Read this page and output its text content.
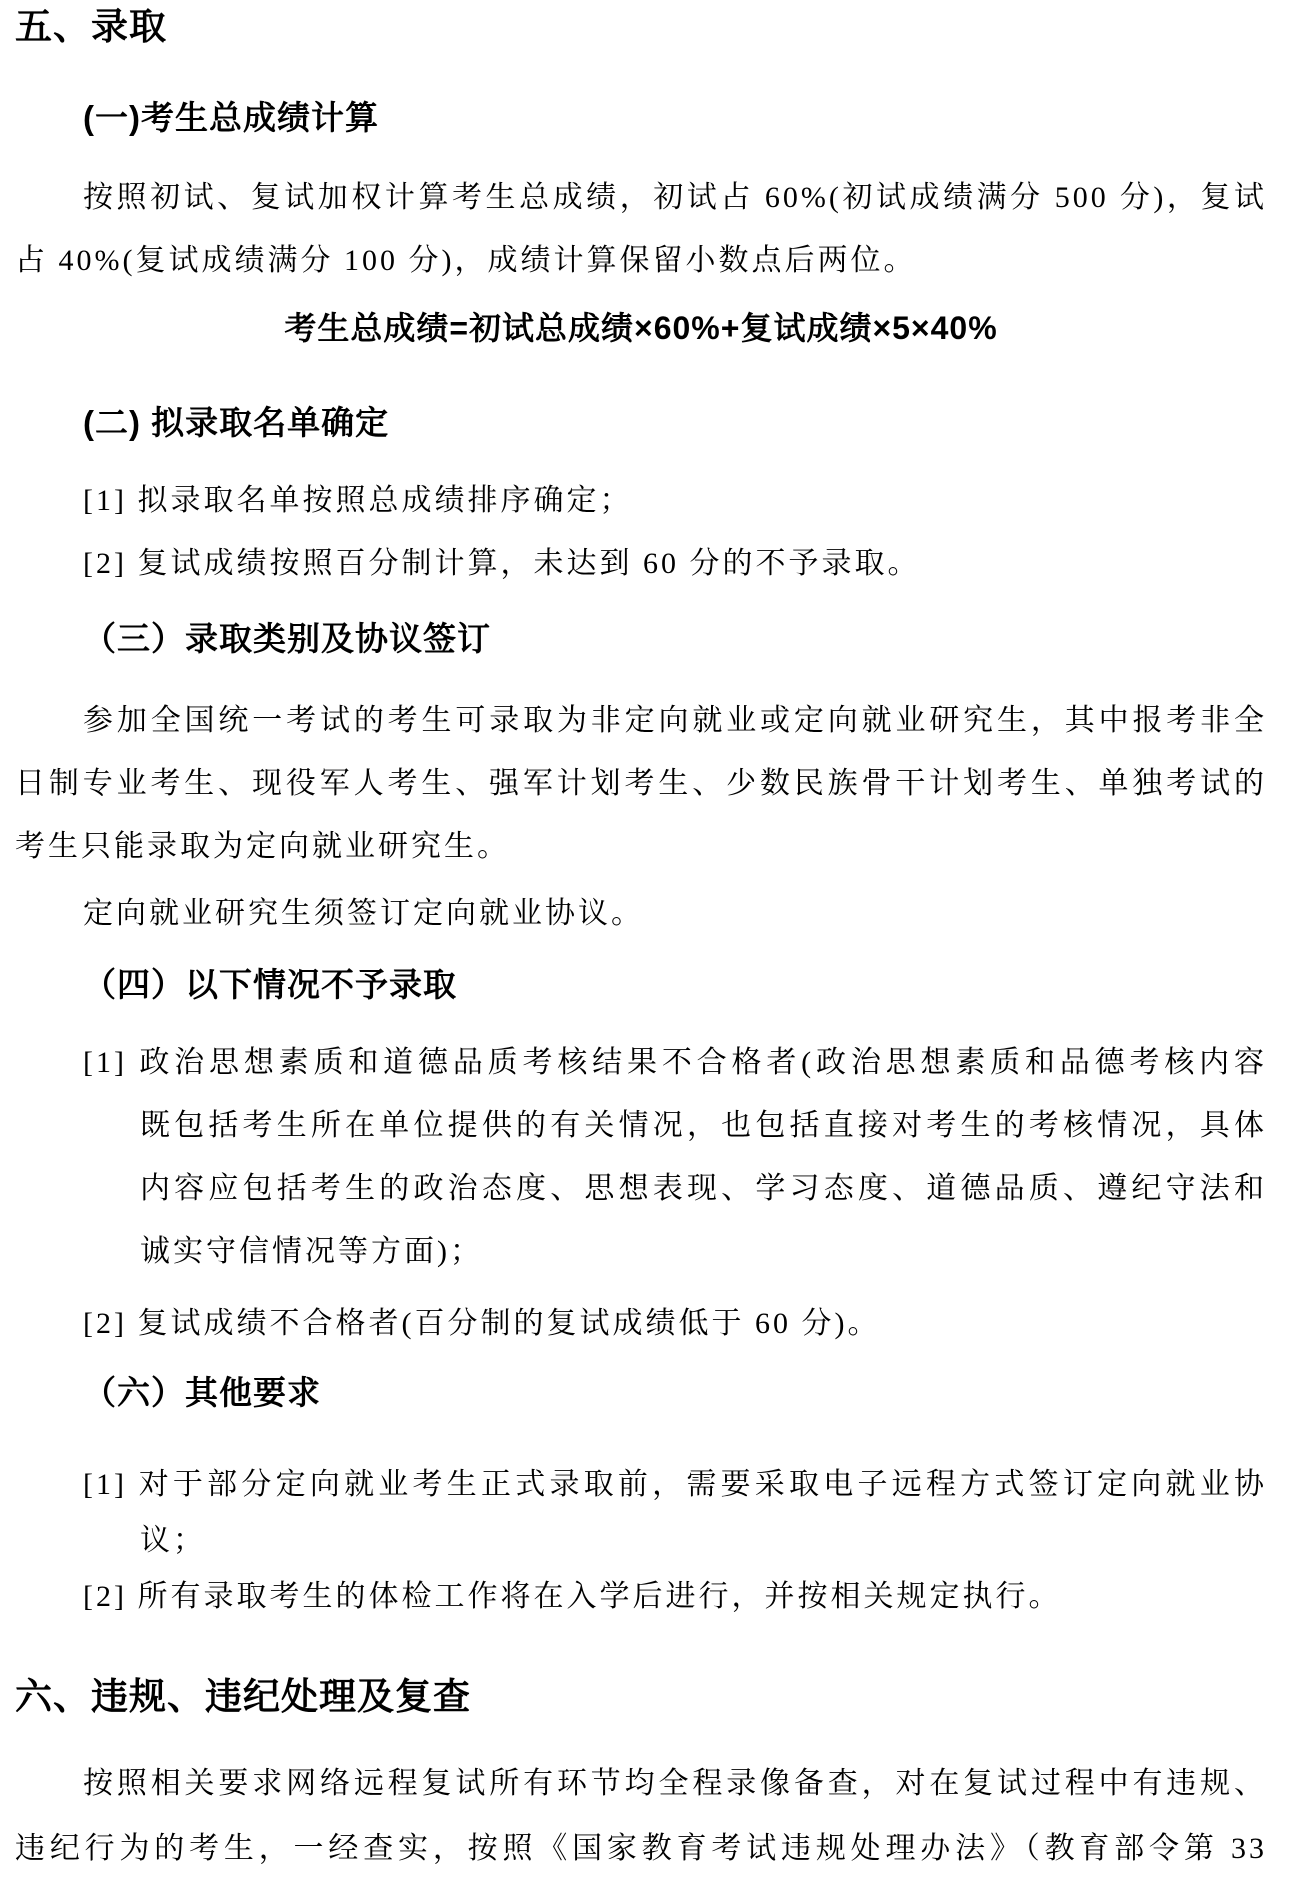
五、录取
(一)考生总成绩计算
按照初试、复试加权计算考生总成绩，初试占 60%(初试成绩满分 500 分)，复试
占 40%(复试成绩满分 100 分)，成绩计算保留小数点后两位。
考生总成绩=初试总成绩×60%+复试成绩×5×40%
(二) 拟录取名单确定
[1] 拟录取名单按照总成绩排序确定；
[2] 复试成绩按照百分制计算，未达到 60 分的不予录取。
（三）录取类别及协议签订
参加全国统一考试的考生可录取为非定向就业或定向就业研究生，其中报考非全
日制专业考生、现役军人考生、强军计划考生、少数民族骨干计划考生、单独考试的
考生只能录取为定向就业研究生。
定向就业研究生须签订定向就业协议。
（四）以下情况不予录取
[1] 政治思想素质和道德品质考核结果不合格者(政治思想素质和品德考核内容
既包括考生所在单位提供的有关情况，也包括直接对考生的考核情况，具体
内容应包括考生的政治态度、思想表现、学习态度、道德品质、遵纪守法和
诚实守信情况等方面)；
[2] 复试成绩不合格者(百分制的复试成绩低于 60 分)。
（六）其他要求
[1] 对于部分定向就业考生正式录取前，需要采取电子远程方式签订定向就业协
议；
[2] 所有录取考生的体检工作将在入学后进行，并按相关规定执行。
六、违规、违纪处理及复查
按照相关要求网络远程复试所有环节均全程录像备查，对在复试过程中有违规、
违纪行为的考生，一经查实，按照《国家教育考试违规处理办法》（教育部令第 33
